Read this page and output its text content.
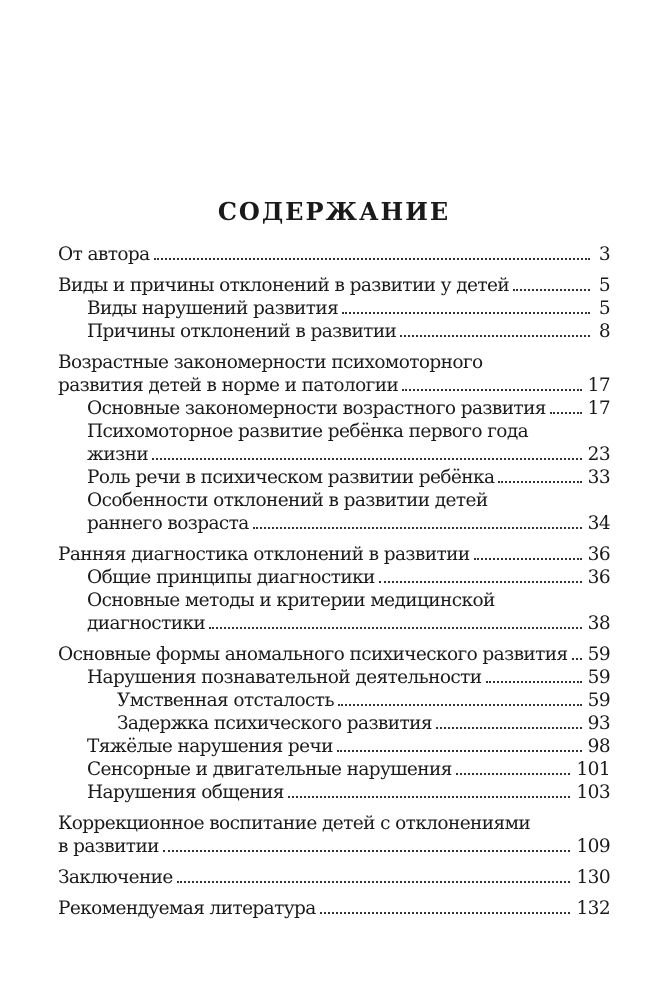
СОДЕРЖАНИЕ
От автора	3
Виды и причины отклонений в развитии у детей	5
Виды нарушений развития	5
Причины отклонений в развитии	8
Возрастные закономерности психомоторного
развития детей в норме и патологии	17
Основные закономерности возрастного развития 17
Психомоторное развитие ребёнка первого года
жизни	23
Роль речи в психическом развитии ребёнка	33
Особенности отклонений в развитии детей
раннего возраста	34
Ранняя диагностика отклонений в развитии	36
Общие принципы диагностики	36
Основные методы и критерии медицинской
диагностики	38
Основные формы аномального психического развития 59
Нарушения познавательной деятельности	59
Умственная отсталость	59
Задержка психического развития	93
Тяжёлые нарушения речи	98
Сенсорные и двигательные нарушения	101
Нарушения общения	103
Коррекционное воспитание детей с отклонениями
в развитии	109
Заключение	130
Рекомендуемая литература	132
